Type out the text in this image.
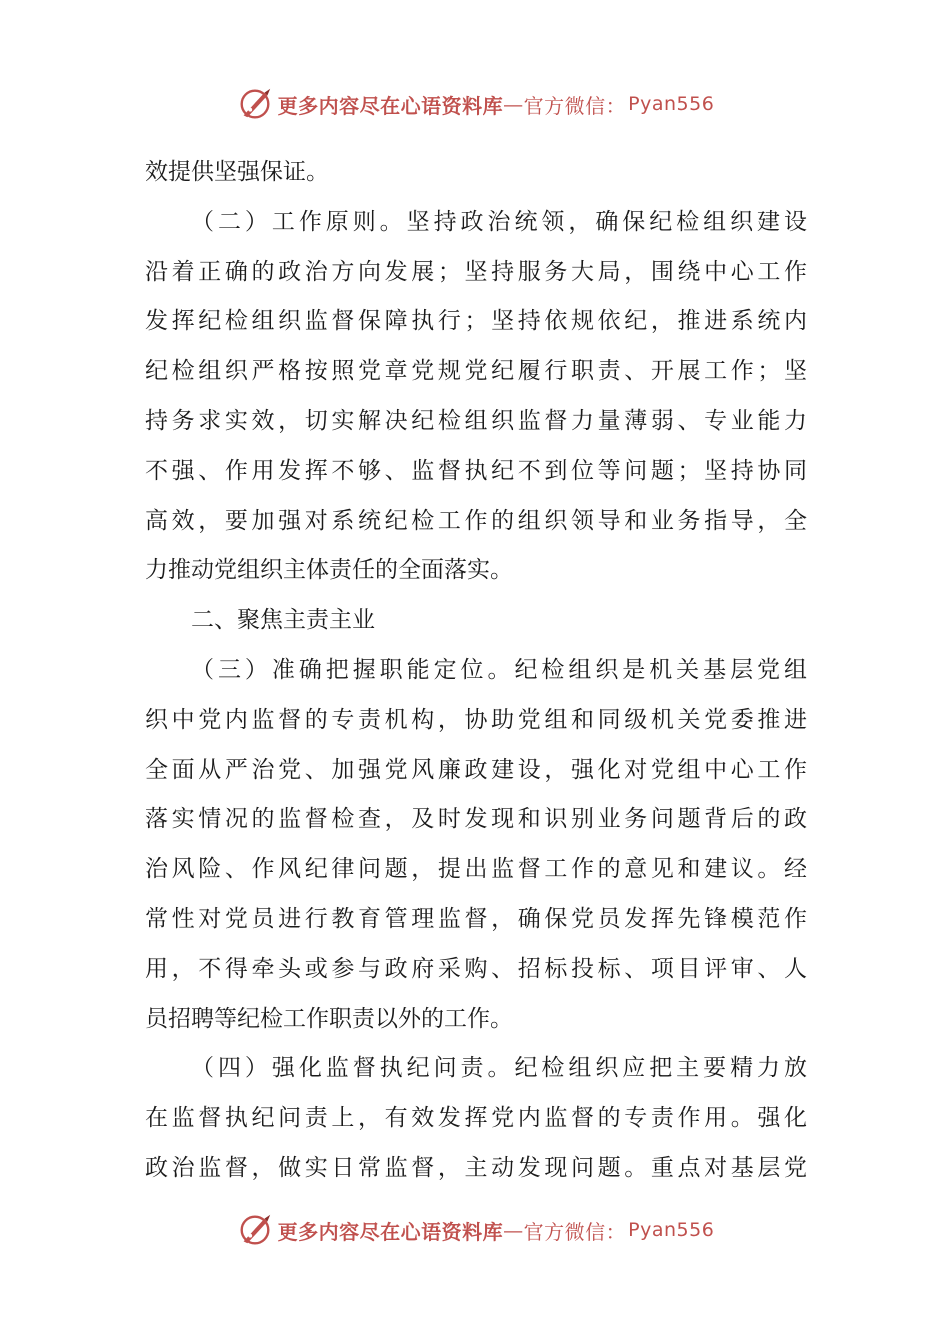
更多内容尽在心语资料库 — 官方微信： Pyan556
效提供坚强保证。
（二）工作原则。坚持政治统领，确保纪检组织建设
沿着正确的政治方向发展；坚持服务大局，围绕中心工作
发挥纪检组织监督保障执行；坚持依规依纪，推进系统内
纪检组织严格按照党章党规党纪履行职责、开展工作；坚
持务求实效，切实解决纪检组织监督力量薄弱、专业能力
不强、作用发挥不够、监督执纪不到位等问题；坚持协同
高效，要加强对系统纪检工作的组织领导和业务指导，全
力推动党组织主体责任的全面落实。
二、聚焦主责主业
（三）准确把握职能定位。纪检组织是机关基层党组
织中党内监督的专责机构，协助党组和同级机关党委推进
全面从严治党、加强党风廉政建设，强化对党组中心工作
落实情况的监督检查，及时发现和识别业务问题背后的政
治风险、作风纪律问题，提出监督工作的意见和建议。经
常性对党员进行教育管理监督，确保党员发挥先锋模范作
用，不得牵头或参与政府采购、招标投标、项目评审、人
员招聘等纪检工作职责以外的工作。
（四）强化监督执纪问责。纪检组织应把主要精力放
在监督执纪问责上，有效发挥党内监督的专责作用。强化
政治监督，做实日常监督，主动发现问题。重点对基层党
更多内容尽在心语资料库 — 官方微信： Pyan556
